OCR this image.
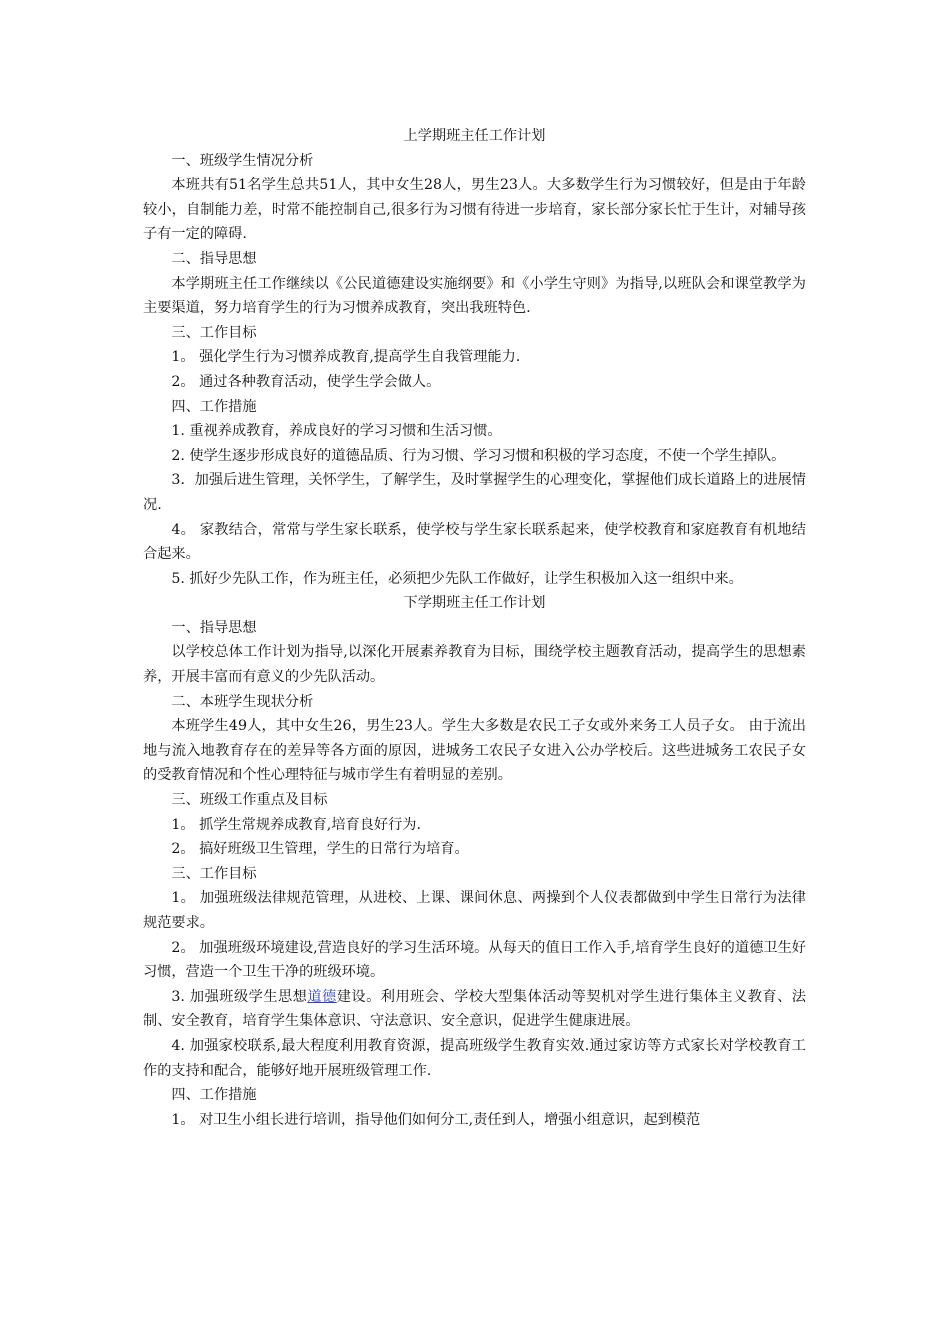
上学期班主任工作计划

一、班级学生情况分析

本班共有51名学生总共51人，其中女生28人，男生23人。大多数学生行为习惯较好，但是由于年龄较小，自制能力差，时常不能控制自己,很多行为习惯有待进一步培育，家长部分家长忙于生计，对辅导孩子有一定的障碍.

二、指导思想

本学期班主任工作继续以《公民道德建设实施纲要》和《小学生守则》为指导,以班队会和课堂教学为主要渠道，努力培育学生的行为习惯养成教育，突出我班特色.

三、工作目标

1。 强化学生行为习惯养成教育,提高学生自我管理能力.

2。 通过各种教育活动，使学生学会做人。

四、工作措施

1. 重视养成教育，养成良好的学习习惯和生活习惯。

2. 使学生逐步形成良好的道德品质、行为习惯、学习习惯和积极的学习态度，不使一个学生掉队。

3．加强后进生管理，关怀学生，了解学生，及时掌握学生的心理变化，掌握他们成长道路上的进展情况.

4。 家教结合，常常与学生家长联系，使学校与学生家长联系起来，使学校教育和家庭教育有机地结合起来。

5. 抓好少先队工作，作为班主任，必须把少先队工作做好，让学生积极加入这一组织中来。

下学期班主任工作计划

一、指导思想

以学校总体工作计划为指导,以深化开展素养教育为目标，围绕学校主题教育活动，提高学生的思想素养，开展丰富而有意义的少先队活动。

二、本班学生现状分析

本班学生49人，其中女生26，男生23人。学生大多数是农民工子女或外来务工人员子女。 由于流出地与流入地教育存在的差异等各方面的原因，进城务工农民子女进入公办学校后。这些进城务工农民子女的受教育情况和个性心理特征与城市学生有着明显的差别。

三、班级工作重点及目标

1。 抓学生常规养成教育,培育良好行为.

2。 搞好班级卫生管理，学生的日常行为培育。

三、工作目标

1。 加强班级法律规范管理，从进校、上课、课间休息、两操到个人仪表都做到中学生日常行为法律规范要求。

2。 加强班级环境建设,营造良好的学习生活环境。从每天的值日工作入手,培育学生良好的道德卫生好习惯，营造一个卫生干净的班级环境。

3. 加强班级学生思想道德建设。利用班会、学校大型集体活动等契机对学生进行集体主义教育、法制、安全教育，培育学生集体意识、守法意识、安全意识，促进学生健康进展。

4. 加强家校联系,最大程度利用教育资源，提高班级学生教育实效.通过家访等方式家长对学校教育工作的支持和配合，能够好地开展班级管理工作.

四、工作措施

1。 对卫生小组长进行培训，指导他们如何分工,责任到人，增强小组意识，起到模范
